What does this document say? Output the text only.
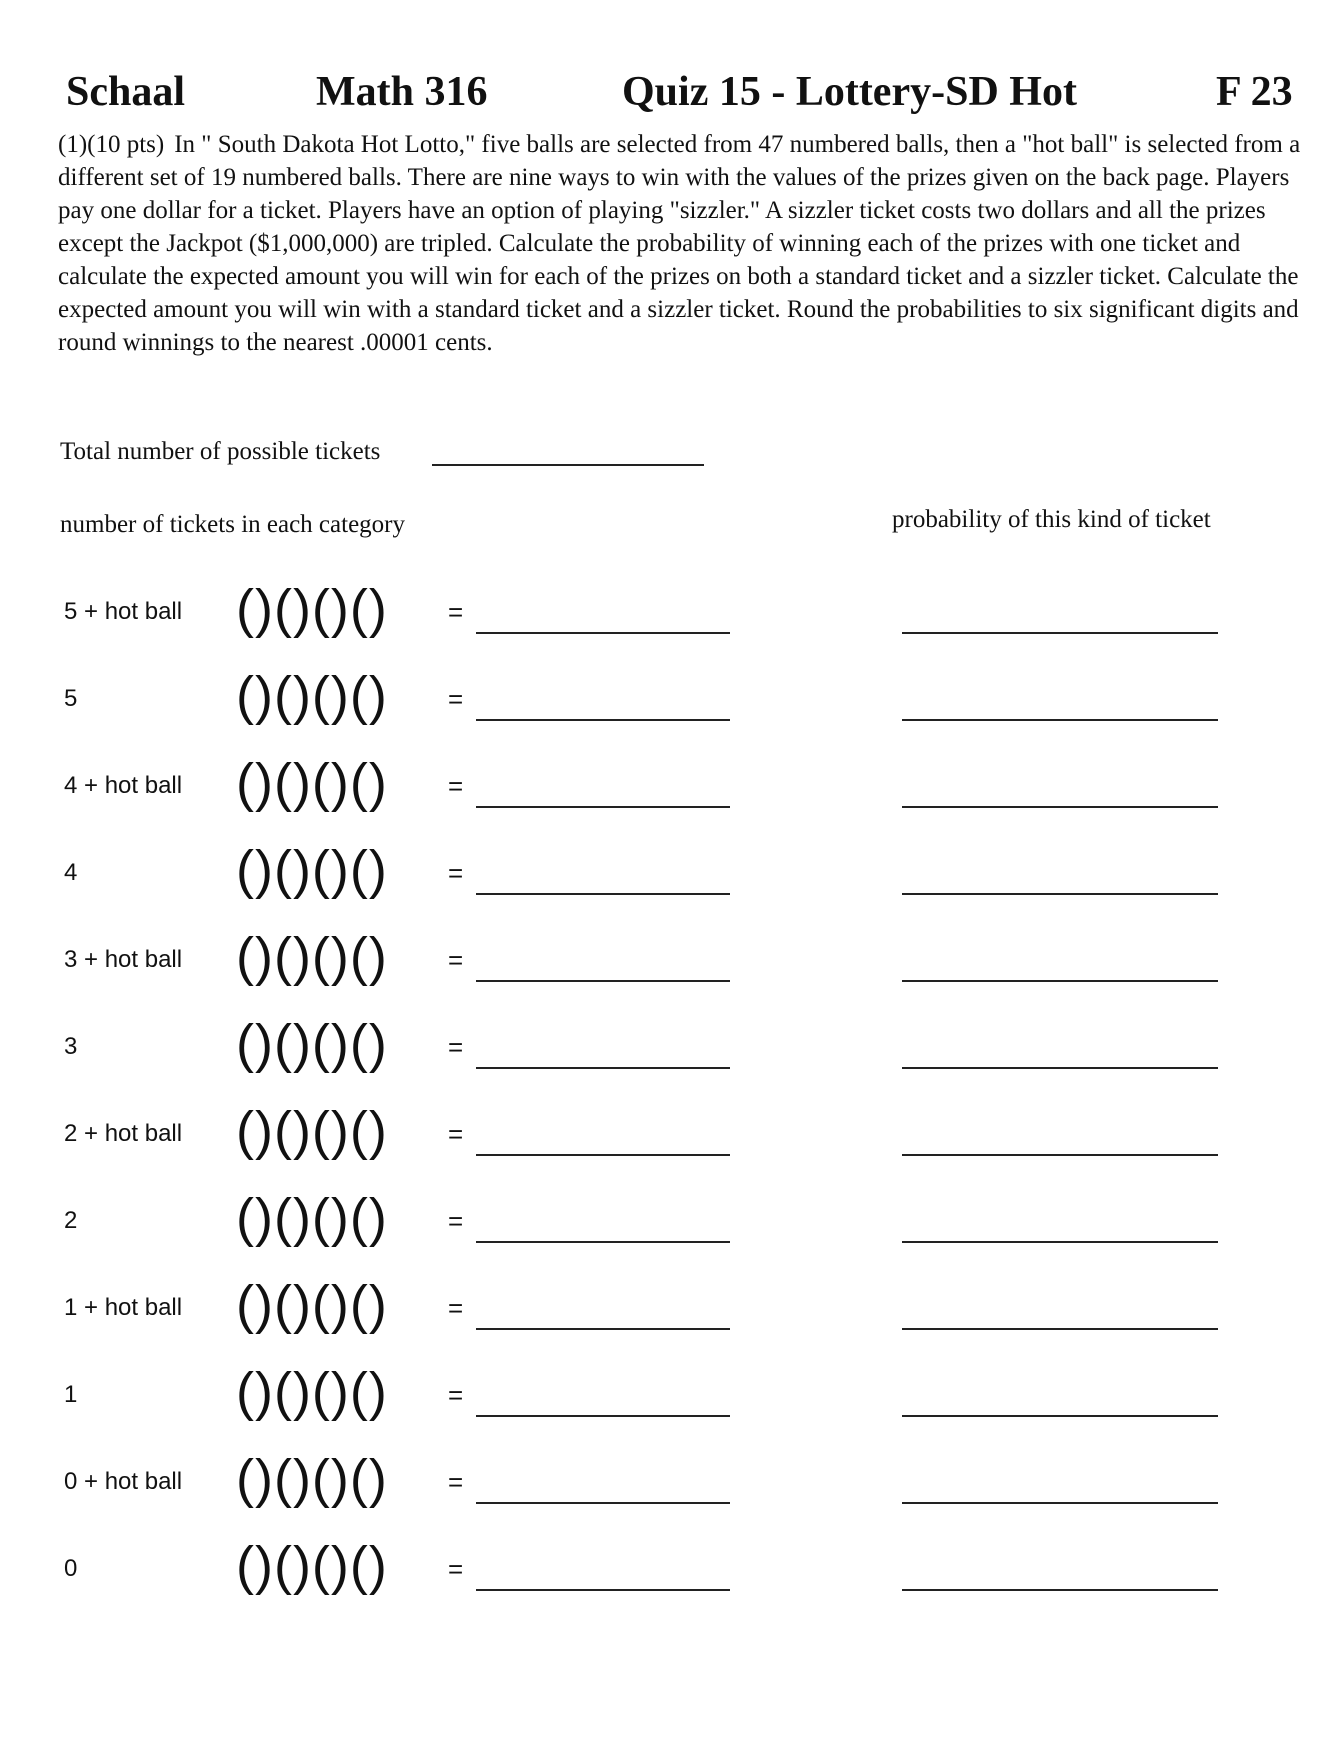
Schaal	Math 316	Quiz 15 - Lottery-SD Hot	F 23
(1)(10 pts) In " South Dakota Hot Lotto," five balls are selected from 47 numbered balls, then a "hot ball" is selected from a different set of 19 numbered balls. There are nine ways to win with the values of the prizes given on the back page. Players pay one dollar for a ticket. Players have an option of playing "sizzler." A sizzler ticket costs two dollars and all the prizes except the Jackpot ($1,000,000) are tripled. Calculate the probability of winning each of the prizes with one ticket and calculate the expected amount you will win for each of the prizes on both a standard ticket and a sizzler ticket. Calculate the expected amount you will win with a standard ticket and a sizzler ticket. Round the probabilities to six significant digits and round winnings to the nearest .00001 cents.
Total number of possible tickets
number of tickets in each category	probability of this kind of ticket
5 + hot ball ()()()() =
5	()()()() =
4 + hot ball ()()()() =
4	()()()() =
3 + hot ball ()()()() =
3	()()()() =
2 + hot ball ()()()() =
2	()()()() =
1 + hot ball ()()()() =
1	()()()() =
0 + hot ball ()()()() =
0	()()()() =
